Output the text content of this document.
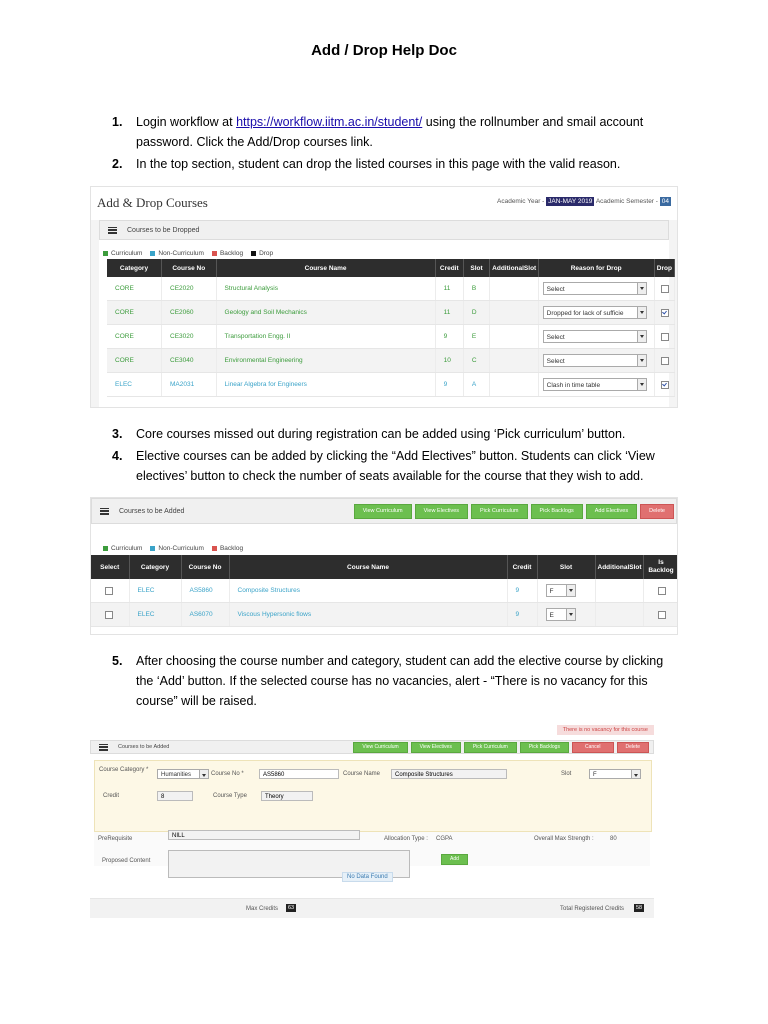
Add / Drop Help Doc
1. Login workflow at https://workflow.iitm.ac.in/student/ using the rollnumber and smail account password. Click the Add/Drop courses link.
2. In the top section, student can drop the listed courses in this page with the valid reason.
Add & Drop Courses	Academic Year - JAN-MAY 2019 Academic Semester - 04
Courses to be Dropped
Curriculum	Non-Curriculum	Backlog	Drop
Category	Course No	Course Name	Credit	Slot	AdditionalSlot	Reason for Drop	Drop
CORE	CE2020	Structural Analysis	11	B		Select

CORE	CE2060	Geology and Soil Mechanics	11	D		Dropped for lack of sufficie

CORE	CE3020	Transportation Engg. II	9	E		Select

CORE	CE3040	Environmental Engineering	10	C		Select

ELEC	MA2031	Linear Algebra for Engineers	9	A		Clash in time table

3. Core courses missed out during registration can be added using ‘Pick curriculum’ button.
4. Elective courses can be added by clicking the “Add Electives” button. Students can click ‘View electives’ button to check the number of seats available for the course that they wish to add.
Courses to be Added	View Curriculum	View Electives	Pick Curriculum	Pick Backlogs	Add Electives	Delete
Curriculum	Non-Curriculum	Backlog
Select	Category	Course No	Course Name	Credit	Slot	AdditionalSlot	Is Backlog
	ELEC	AS5860	Composite Structures	9	F

	ELEC	AS6070	Viscous Hypersonic flows	9	E

5. After choosing the course number and category, student can add the elective course by clicking the ‘Add’ button. If the selected course has no vacancies, alert - “There is no vacancy for this course” will be raised.
There is no vacancy for this course
Courses to be Added	View Curriculum	View Electives	Pick Curriculum	Pick Backlogs	Cancel	Delete
Course Category *
Humanities	Course No *	AS5860	Course Name	Composite Structures	Slot	F
Credit	8	Course Type	Theory
PreRequisite	NILL	Allocation Type : CGPA	Overall Max Strength :	80
Proposed Content	Add
No Data Found
Max Credits	63	Total Registered Credits	58
